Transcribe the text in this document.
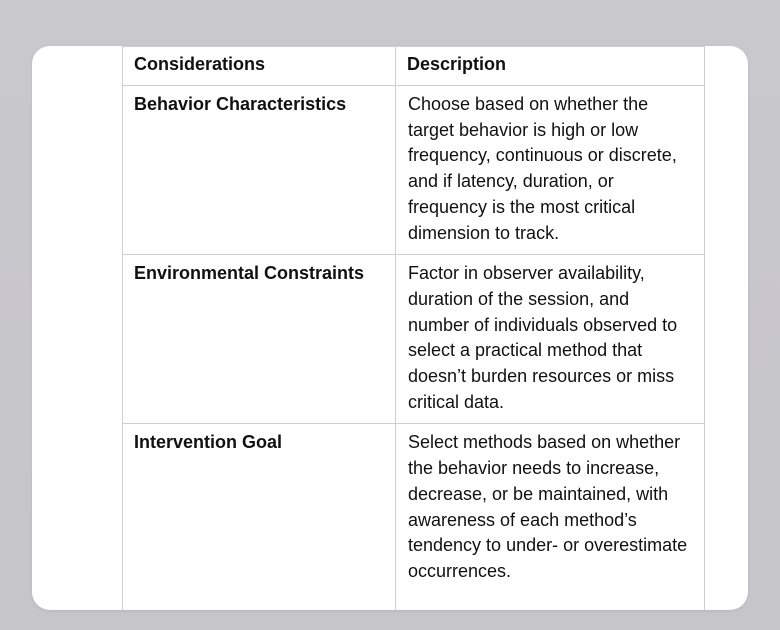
Considerations	Description
Behavior Characteristics	Choose based on whether the target behavior is high or low frequency, continuous or discrete, and if latency, duration, or frequency is the most critical dimension to track.
Environmental Constraints	Factor in observer availability, duration of the session, and number of individuals observed to select a practical method that doesn’t burden resources or miss critical data.
Intervention Goal	Select methods based on whether the behavior needs to increase, decrease, or be maintained, with awareness of each method’s tendency to under- or overestimate occurrences.
